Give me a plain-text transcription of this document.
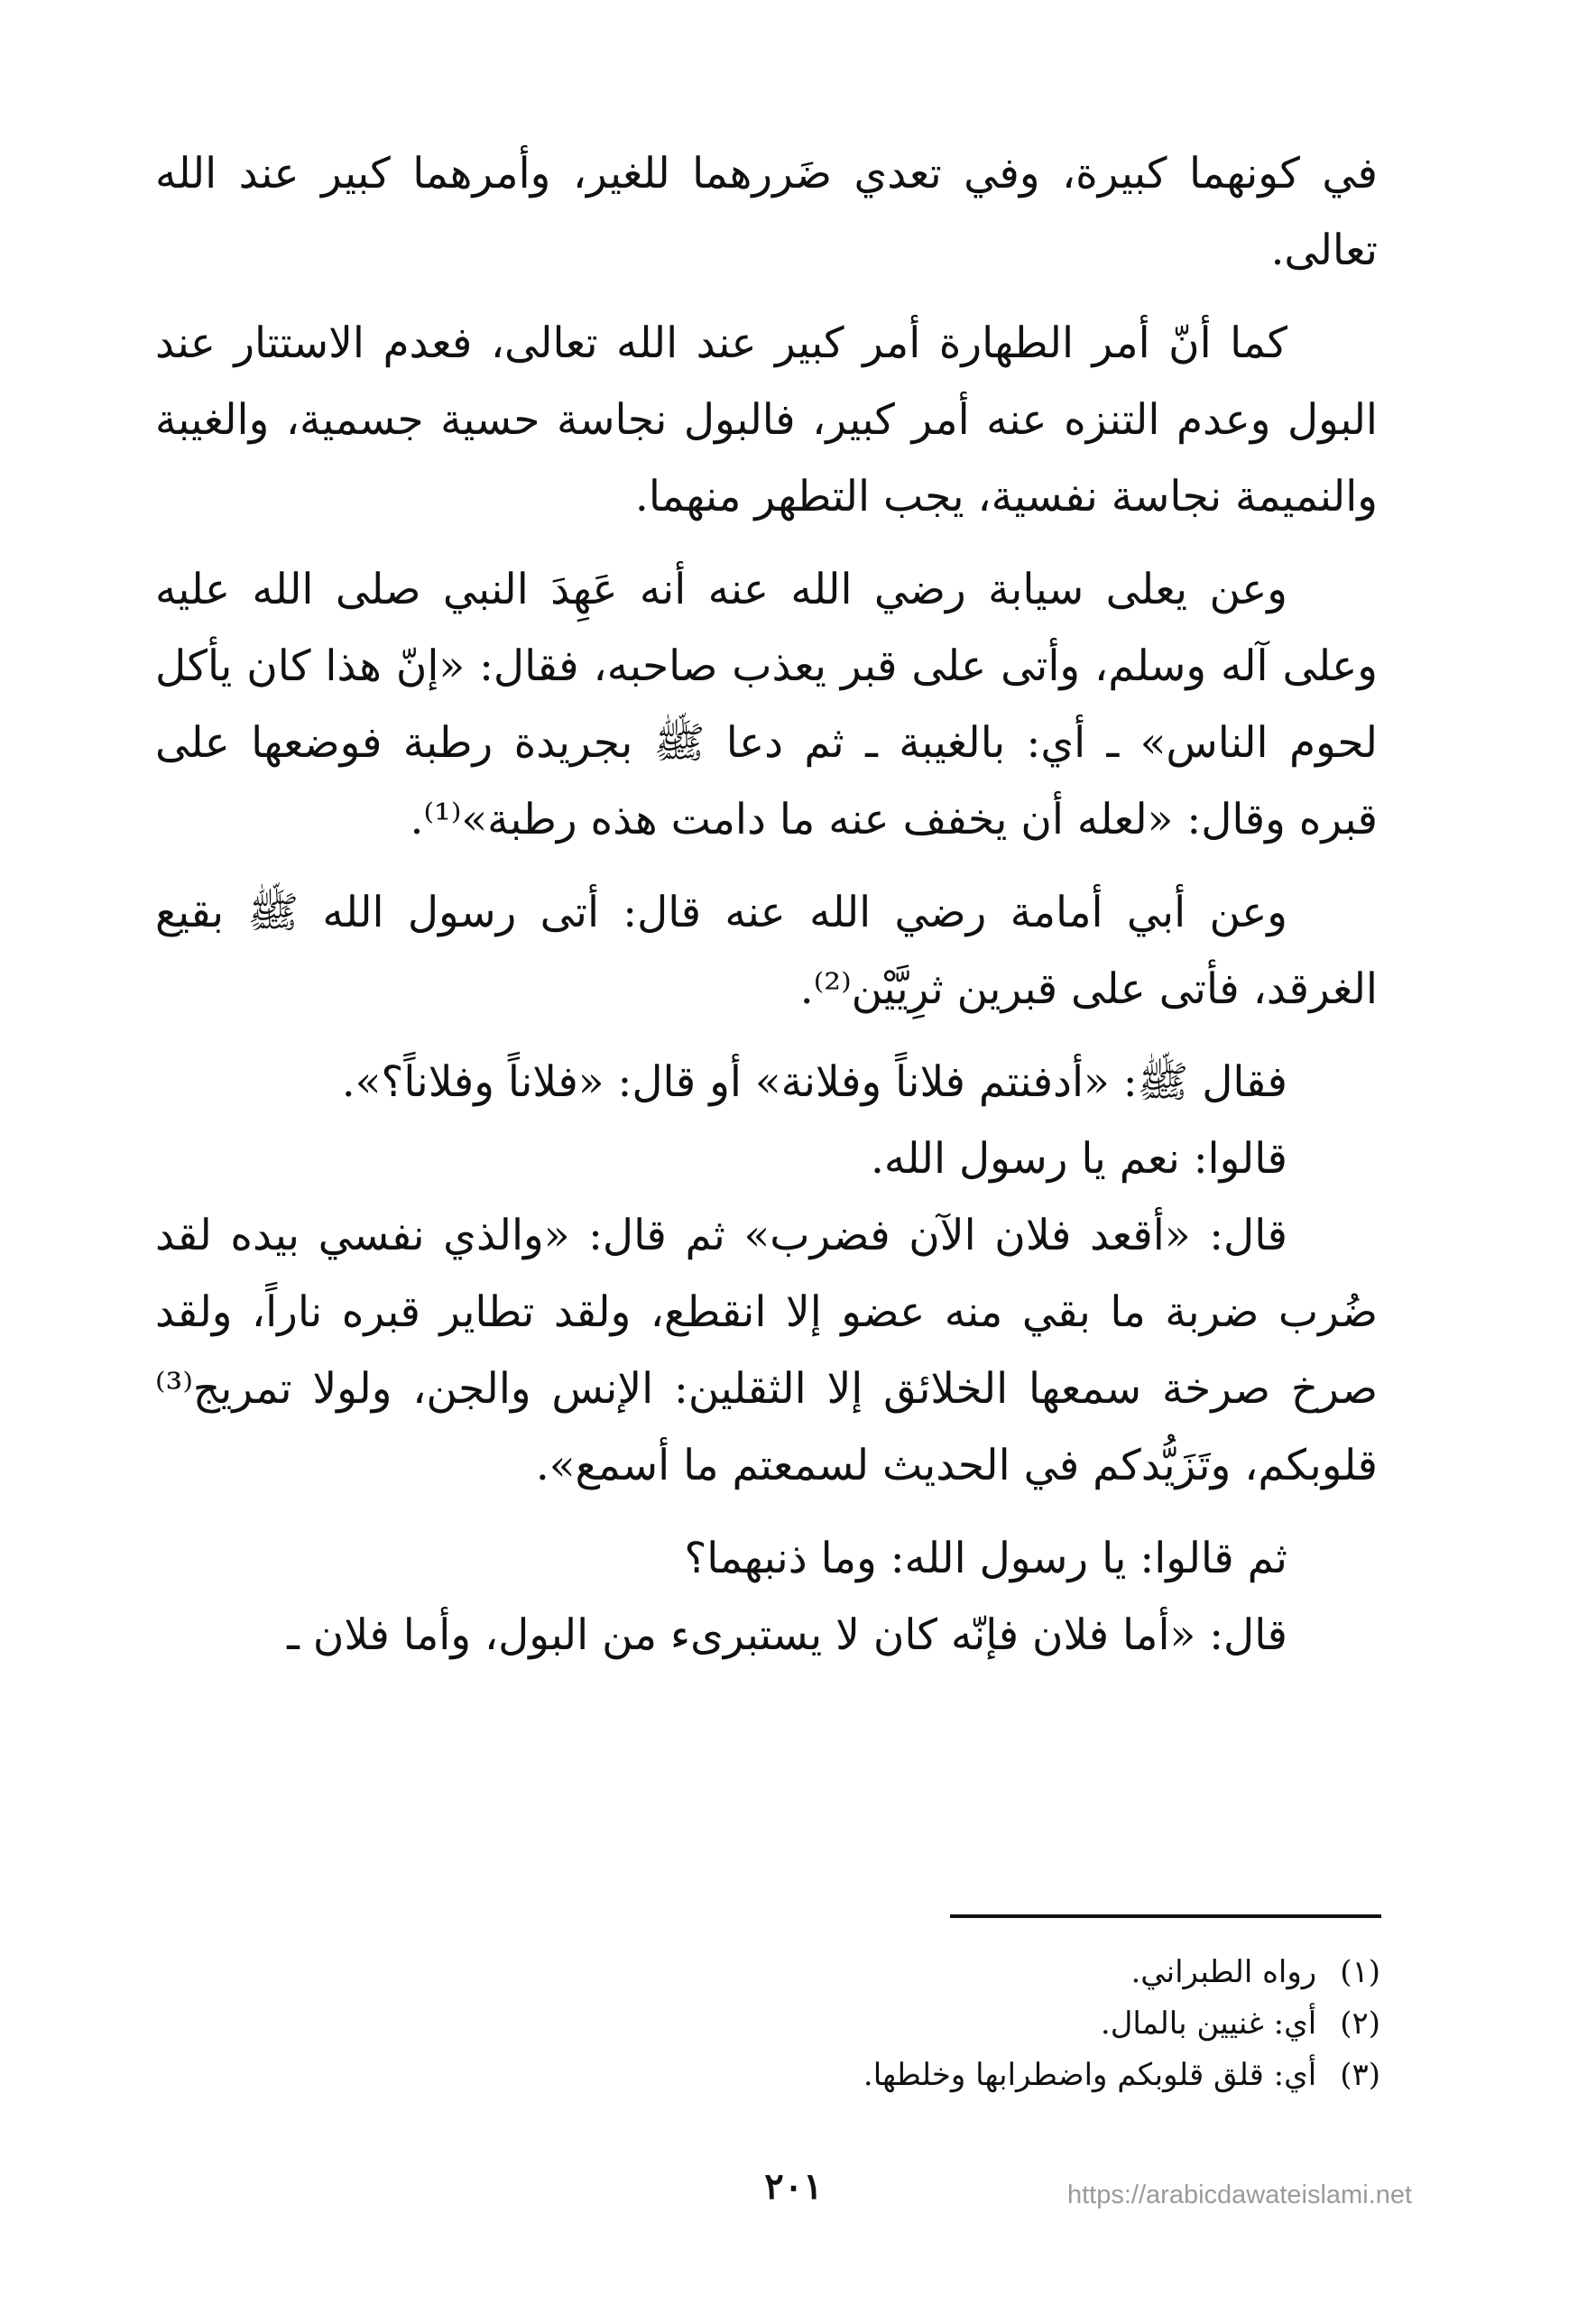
في كونهما كبيرة، وفي تعدي ضَررهما للغير، وأمرهما كبير عند الله تعالى.

كما أنّ أمر الطهارة أمر كبير عند الله تعالى، فعدم الاستتار عند البول وعدم التنزه عنه أمر كبير، فالبول نجاسة حسية جسمية، والغيبة والنميمة نجاسة نفسية، يجب التطهر منهما.

وعن يعلى سيابة رضي الله عنه أنه عَهِدَ النبي صلى الله عليه وعلى آله وسلم، وأتى على قبر يعذب صاحبه، فقال: «إنّ هذا كان يأكل لحوم الناس» ـ أي: بالغيبة ـ ثم دعا ﷺ بجريدة رطبة فوضعها على قبره وقال: «لعله أن يخفف عنه ما دامت هذه رطبة»⁽¹⁾.

وعن أبي أمامة رضي الله عنه قال: أتى رسول الله ﷺ بقيع الغرقد، فأتى على قبرين ثرِيَّيْن⁽²⁾.

فقال ﷺ: «أدفنتم فلاناً وفلانة» أو قال: «فلاناً وفلاناً؟».

قالوا: نعم يا رسول الله.

قال: «أقعد فلان الآن فضرب» ثم قال: «والذي نفسي بيده لقد ضُرب ضربة ما بقي منه عضو إلا انقطع، ولقد تطاير قبره ناراً، ولقد صرخ صرخة سمعها الخلائق إلا الثقلين: الإنس والجن، ولولا تمريج⁽³⁾ قلوبكم، وتَزَيُّدكم في الحديث لسمعتم ما أسمع».

ثم قالوا: يا رسول الله: وما ذنبهما؟

قال: «أما فلان فإنّه كان لا يستبرىء من البول، وأما فلان ـ

(١) رواه الطبراني.

(٢) أي: غنيين بالمال.

(٣) أي: قلق قلوبكم واضطرابها وخلطها.

٢٠١	https://arabicdawateislami.net
